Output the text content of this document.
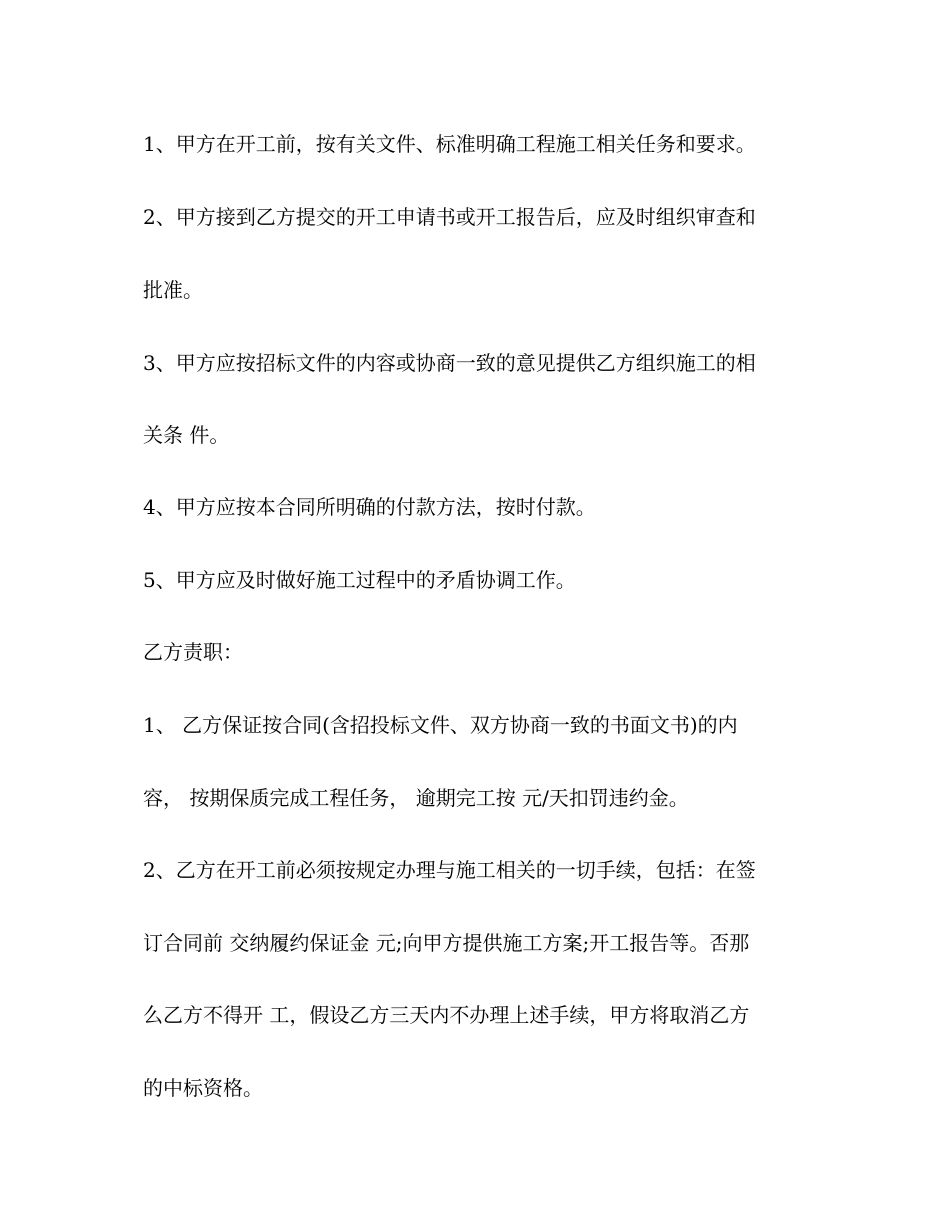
1、甲方在开工前，按有关文件、标准明确工程施工相关任务和要求。
2、甲方接到乙方提交的开工申请书或开工报告后，应及时组织审查和
批准。
3、甲方应按招标文件的内容或协商一致的意见提供乙方组织施工的相
关条 件。
4、甲方应按本合同所明确的付款方法，按时付款。
5、甲方应及时做好施工过程中的矛盾协调工作。
乙方责职：
1、 乙方保证按合同(含招投标文件、双方协商一致的书面文书)的内
容， 按期保质完成工程任务， 逾期完工按 元/天扣罚违约金。
2、乙方在开工前必须按规定办理与施工相关的一切手续，包括：在签
订合同前 交纳履约保证金 元;向甲方提供施工方案;开工报告等。否那
么乙方不得开 工，假设乙方三天内不办理上述手续，甲方将取消乙方
的中标资格。
